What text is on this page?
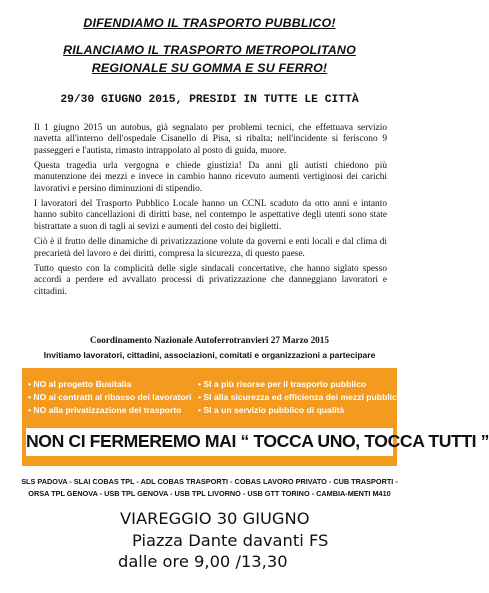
DIFENDIAMO IL TRASPORTO PUBBLICO!
RILANCIAMO IL TRASPORTO METROPOLITANO
REGIONALE SU GOMMA E SU FERRO!
29/30 GIUGNO 2015, PRESIDI IN TUTTE LE CITTÀ

Il 1 giugno 2015 un autobus, già segnalato per problemi tecnici, che effettuava servizio navetta all'interno dell'ospedale Cisanello di Pisa, si ribalta; nell'incidente si feriscono 9 passeggeri e l'autista, rimasto intrappolato al posto di guida, muore.

Questa tragedia urla vergogna e chiede giustizia! Da anni gli autisti chiedono più manutenzione dei mezzi e invece in cambio hanno ricevuto aumenti vertiginosi dei carichi lavorativi e persino diminuzioni di stipendio.

I lavoratori del Trasporto Pubblico Locale hanno un CCNL scaduto da otto anni e intanto hanno subito cancellazioni di diritti base, nel contempo le aspettative degli utenti sono state bistrattate a suon di tagli ai sevizi e aumenti del costo dei biglietti.

Ciò è il frutto delle dinamiche di privatizzazione volute da governi e enti locali e dal clima di precarietà del lavoro e dei diritti, compresa la sicurezza, di questo paese.

Tutto questo con la complicità delle sigle sindacali concertative, che hanno siglato spesso accordi a perdere ed avvallato processi di privatizzazione che danneggiano lavoratori e cittadini.

Coordinamento Nazionale Autoferrotranvieri 27 Marzo 2015
Invitiamo lavoratori, cittadini, associazioni, comitati e organizzazioni a partecipare
• NO al progetto Busitalia
• NO ai contratti al ribasso dei lavoratori
• NO alla privatizzazione del trasporto
• SI a più risorse per il trasporto pubblico
• SI alla sicurezza ed efficienza dei mezzi pubblici
• SI a un servizio pubblico di qualità
NON CI FERMEREMO MAI “ TOCCA UNO, TOCCA TUTTI ”
SLS PADOVA - SLAI COBAS TPL - ADL COBAS TRASPORTI - COBAS LAVORO PRIVATO - CUB TRASPORTI -
ORSA TPL GENOVA - USB TPL GENOVA - USB TPL LIVORNO - USB GTT TORINO - CAMBIA-MENTI M410
VIAREGGIO 30 GIUGNO
Piazza Dante davanti FS
dalle ore 9,00 /13,30
